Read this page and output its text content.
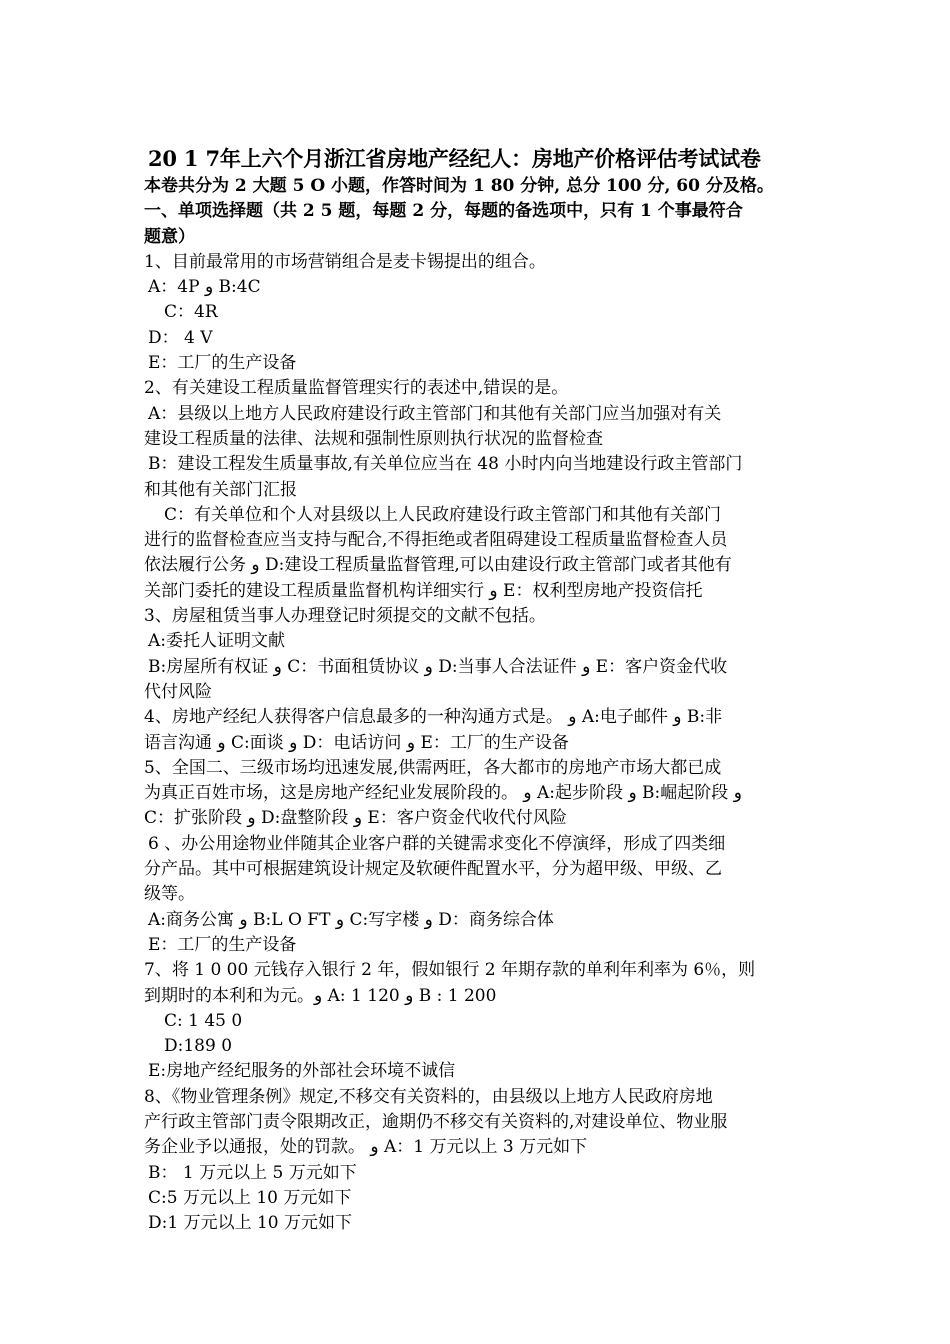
20 1 7年上六个月浙江省房地产经纪人：房地产价格评估考试试卷
本卷共分为 2 大题 5 O 小题，作答时间为 1 80 分钟, 总分 100 分, 60 分及格。
一、单项选择题（共 2 5 题，每题 2 分，每题的备选项中，只有 1 个事最符合
题意）
1、目前最常用的市场营销组合是麦卡锡提出的组合。
A：4P و B:4C
C：4R
D： 4 V
E：工厂的生产设备
2、有关建设工程质量监督管理实行的表述中,错误的是。
A：县级以上地方人民政府建设行政主管部门和其他有关部门应当加强对有关
建设工程质量的法律、法规和强制性原则执行状况的监督检查
B：建设工程发生质量事故,有关单位应当在 48 小时内向当地建设行政主管部门
和其他有关部门汇报
C：有关单位和个人对县级以上人民政府建设行政主管部门和其他有关部门
进行的监督检查应当支持与配合,不得拒绝或者阻碍建设工程质量监督检查人员
依法履行公务 و D:建设工程质量监督管理,可以由建设行政主管部门或者其他有
关部门委托的建设工程质量监督机构详细实行 و E：权利型房地产投资信托
3、房屋租赁当事人办理登记时须提交的文献不包括。
A:委托人证明文献
B:房屋所有权证 و C：书面租赁协议 و D:当事人合法证件 و E：客户资金代收
代付风险
4、房地产经纪人获得客户信息最多的一种沟通方式是。 و A:电子邮件 و B:非
语言沟通 و C:面谈 و D：电话访问 و E：工厂的生产设备
5、全国二、三级市场均迅速发展,供需两旺，各大都市的房地产市场大都已成
为真正百姓市场，这是房地产经纪业发展阶段的。 و A:起步阶段 و B:崛起阶段 و
C：扩张阶段 و D:盘整阶段 و E：客户资金代收代付风险
6 、办公用途物业伴随其企业客户群的关键需求变化不停演绎，形成了四类细
分产品。其中可根据建筑设计规定及软硬件配置水平，分为超甲级、甲级、乙
级等。
A:商务公寓 و B:L O FT و C:写字楼 و D：商务综合体
E：工厂的生产设备
7、将 1 0 00 元钱存入银行 2 年，假如银行 2 年期存款的单利年利率为 6％，则
到期时的本利和为元。و A: 1 120 و B : 1 200
C: 1 45 0
D:189 0
E:房地产经纪服务的外部社会环境不诚信
8、《物业管理条例》规定,不移交有关资料的，由县级以上地方人民政府房地
产行政主管部门责令限期改正，逾期仍不移交有关资料的,对建设单位、物业服
务企业予以通报，处的罚款。 و A：1 万元以上 3 万元如下
B： 1 万元以上 5 万元如下
C:5 万元以上 10 万元如下
D:1 万元以上 10 万元如下
